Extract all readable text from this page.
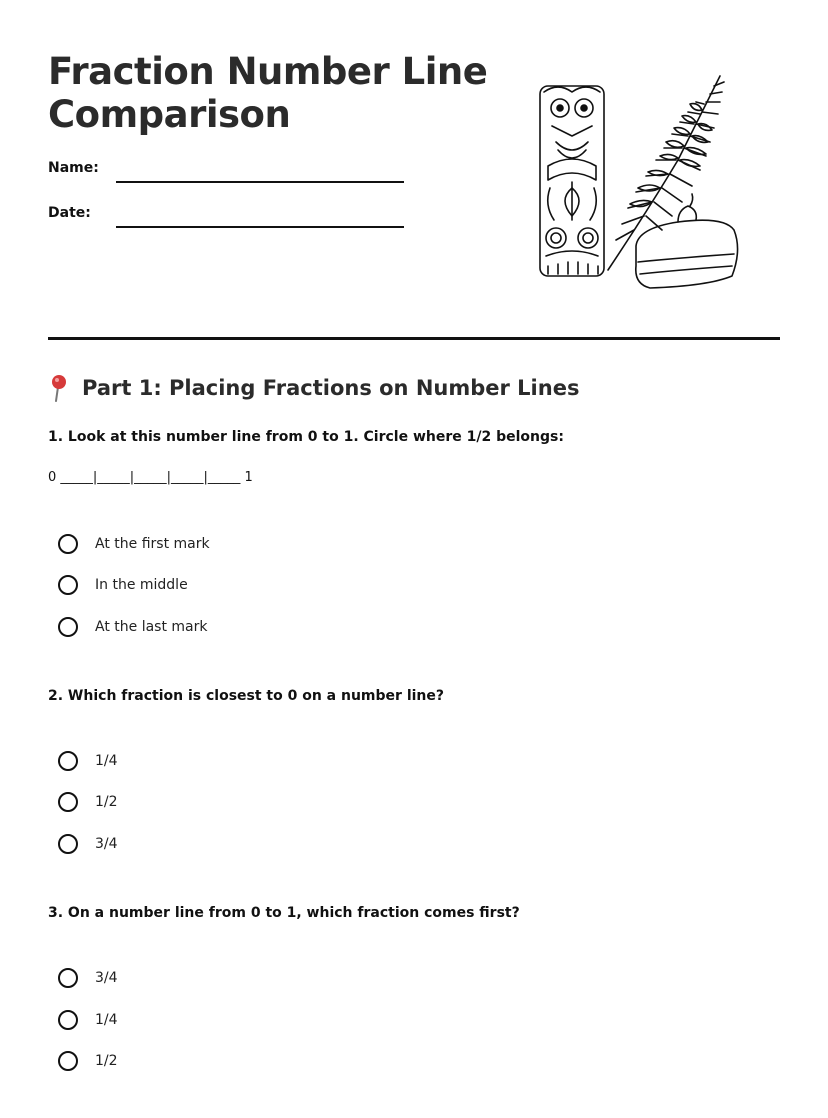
Fraction Number Line Comparison
Name:
Date:
Part 1: Placing Fractions on Number Lines
1. Look at this number line from 0 to 1. Circle where 1/2 belongs:
0 _____|_____|_____|_____|_____ 1
At the first mark
In the middle
At the last mark
2. Which fraction is closest to 0 on a number line?
1/4
1/2
3/4
3. On a number line from 0 to 1, which fraction comes first?
3/4
1/4
1/2
